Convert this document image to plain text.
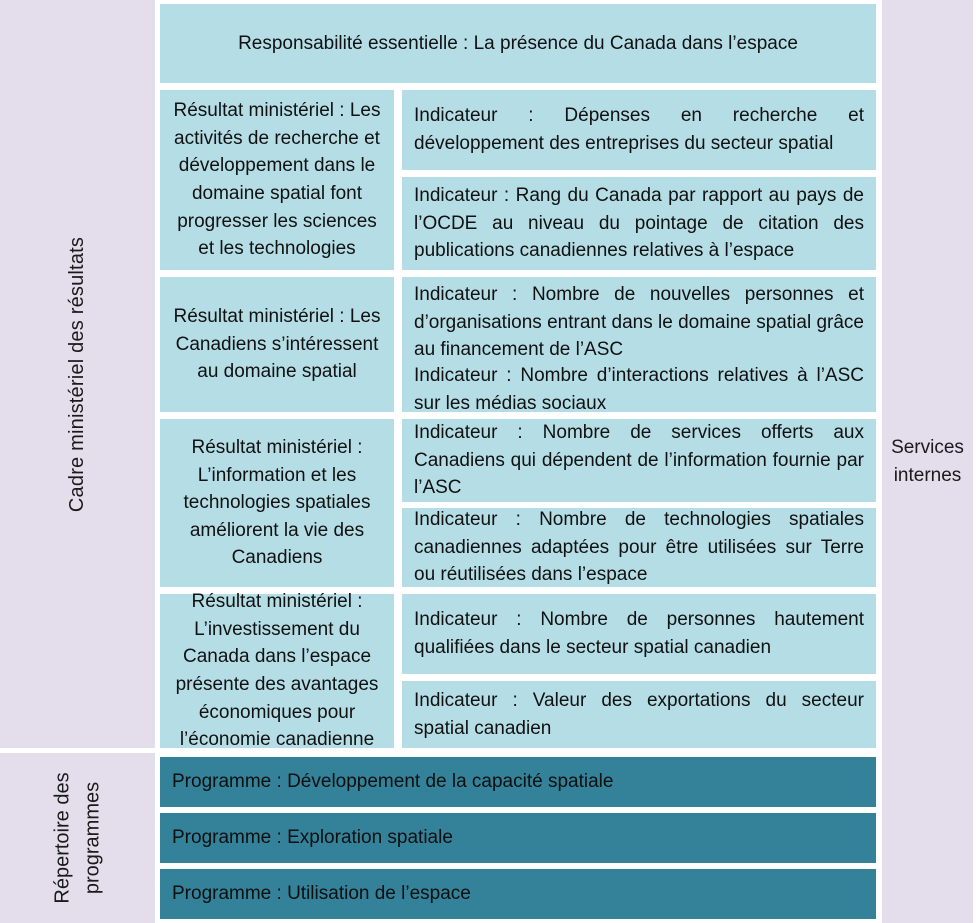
Cadre ministériel des résultats
Répertoire des programmes
Services internes
Responsabilité essentielle : La présence du Canada dans l’espace
Résultat ministériel : Les activités de recherche et développement dans le domaine spatial font progresser les sciences et les technologies
Résultat ministériel : Les Canadiens s’intéressent au domaine spatial
Résultat ministériel : L’information et les technologies spatiales améliorent la vie des Canadiens
Résultat ministériel : L’investissement du Canada dans l’espace présente des avantages économiques pour l’économie canadienne
Indicateur : Dépenses en recherche et développement des entreprises du secteur spatial
Indicateur : Rang du Canada par rapport au pays de l’OCDE au niveau du pointage de citation des publications canadiennes relatives à l’espace
Indicateur : Nombre de nouvelles personnes et d’organisations entrant dans le domaine spatial grâce au financement de l’ASC
Indicateur : Nombre d’interactions relatives à l’ASC sur les médias sociaux
Indicateur : Nombre de services offerts aux Canadiens qui dépendent de l’information fournie par l’ASC
Indicateur : Nombre de technologies spatiales canadiennes adaptées pour être utilisées sur Terre ou réutilisées dans l’espace
Indicateur : Nombre de personnes hautement qualifiées dans le secteur spatial canadien
Indicateur : Valeur des exportations du secteur spatial canadien
Programme : Développement de la capacité spatiale
Programme : Exploration spatiale
Programme : Utilisation de l’espace
